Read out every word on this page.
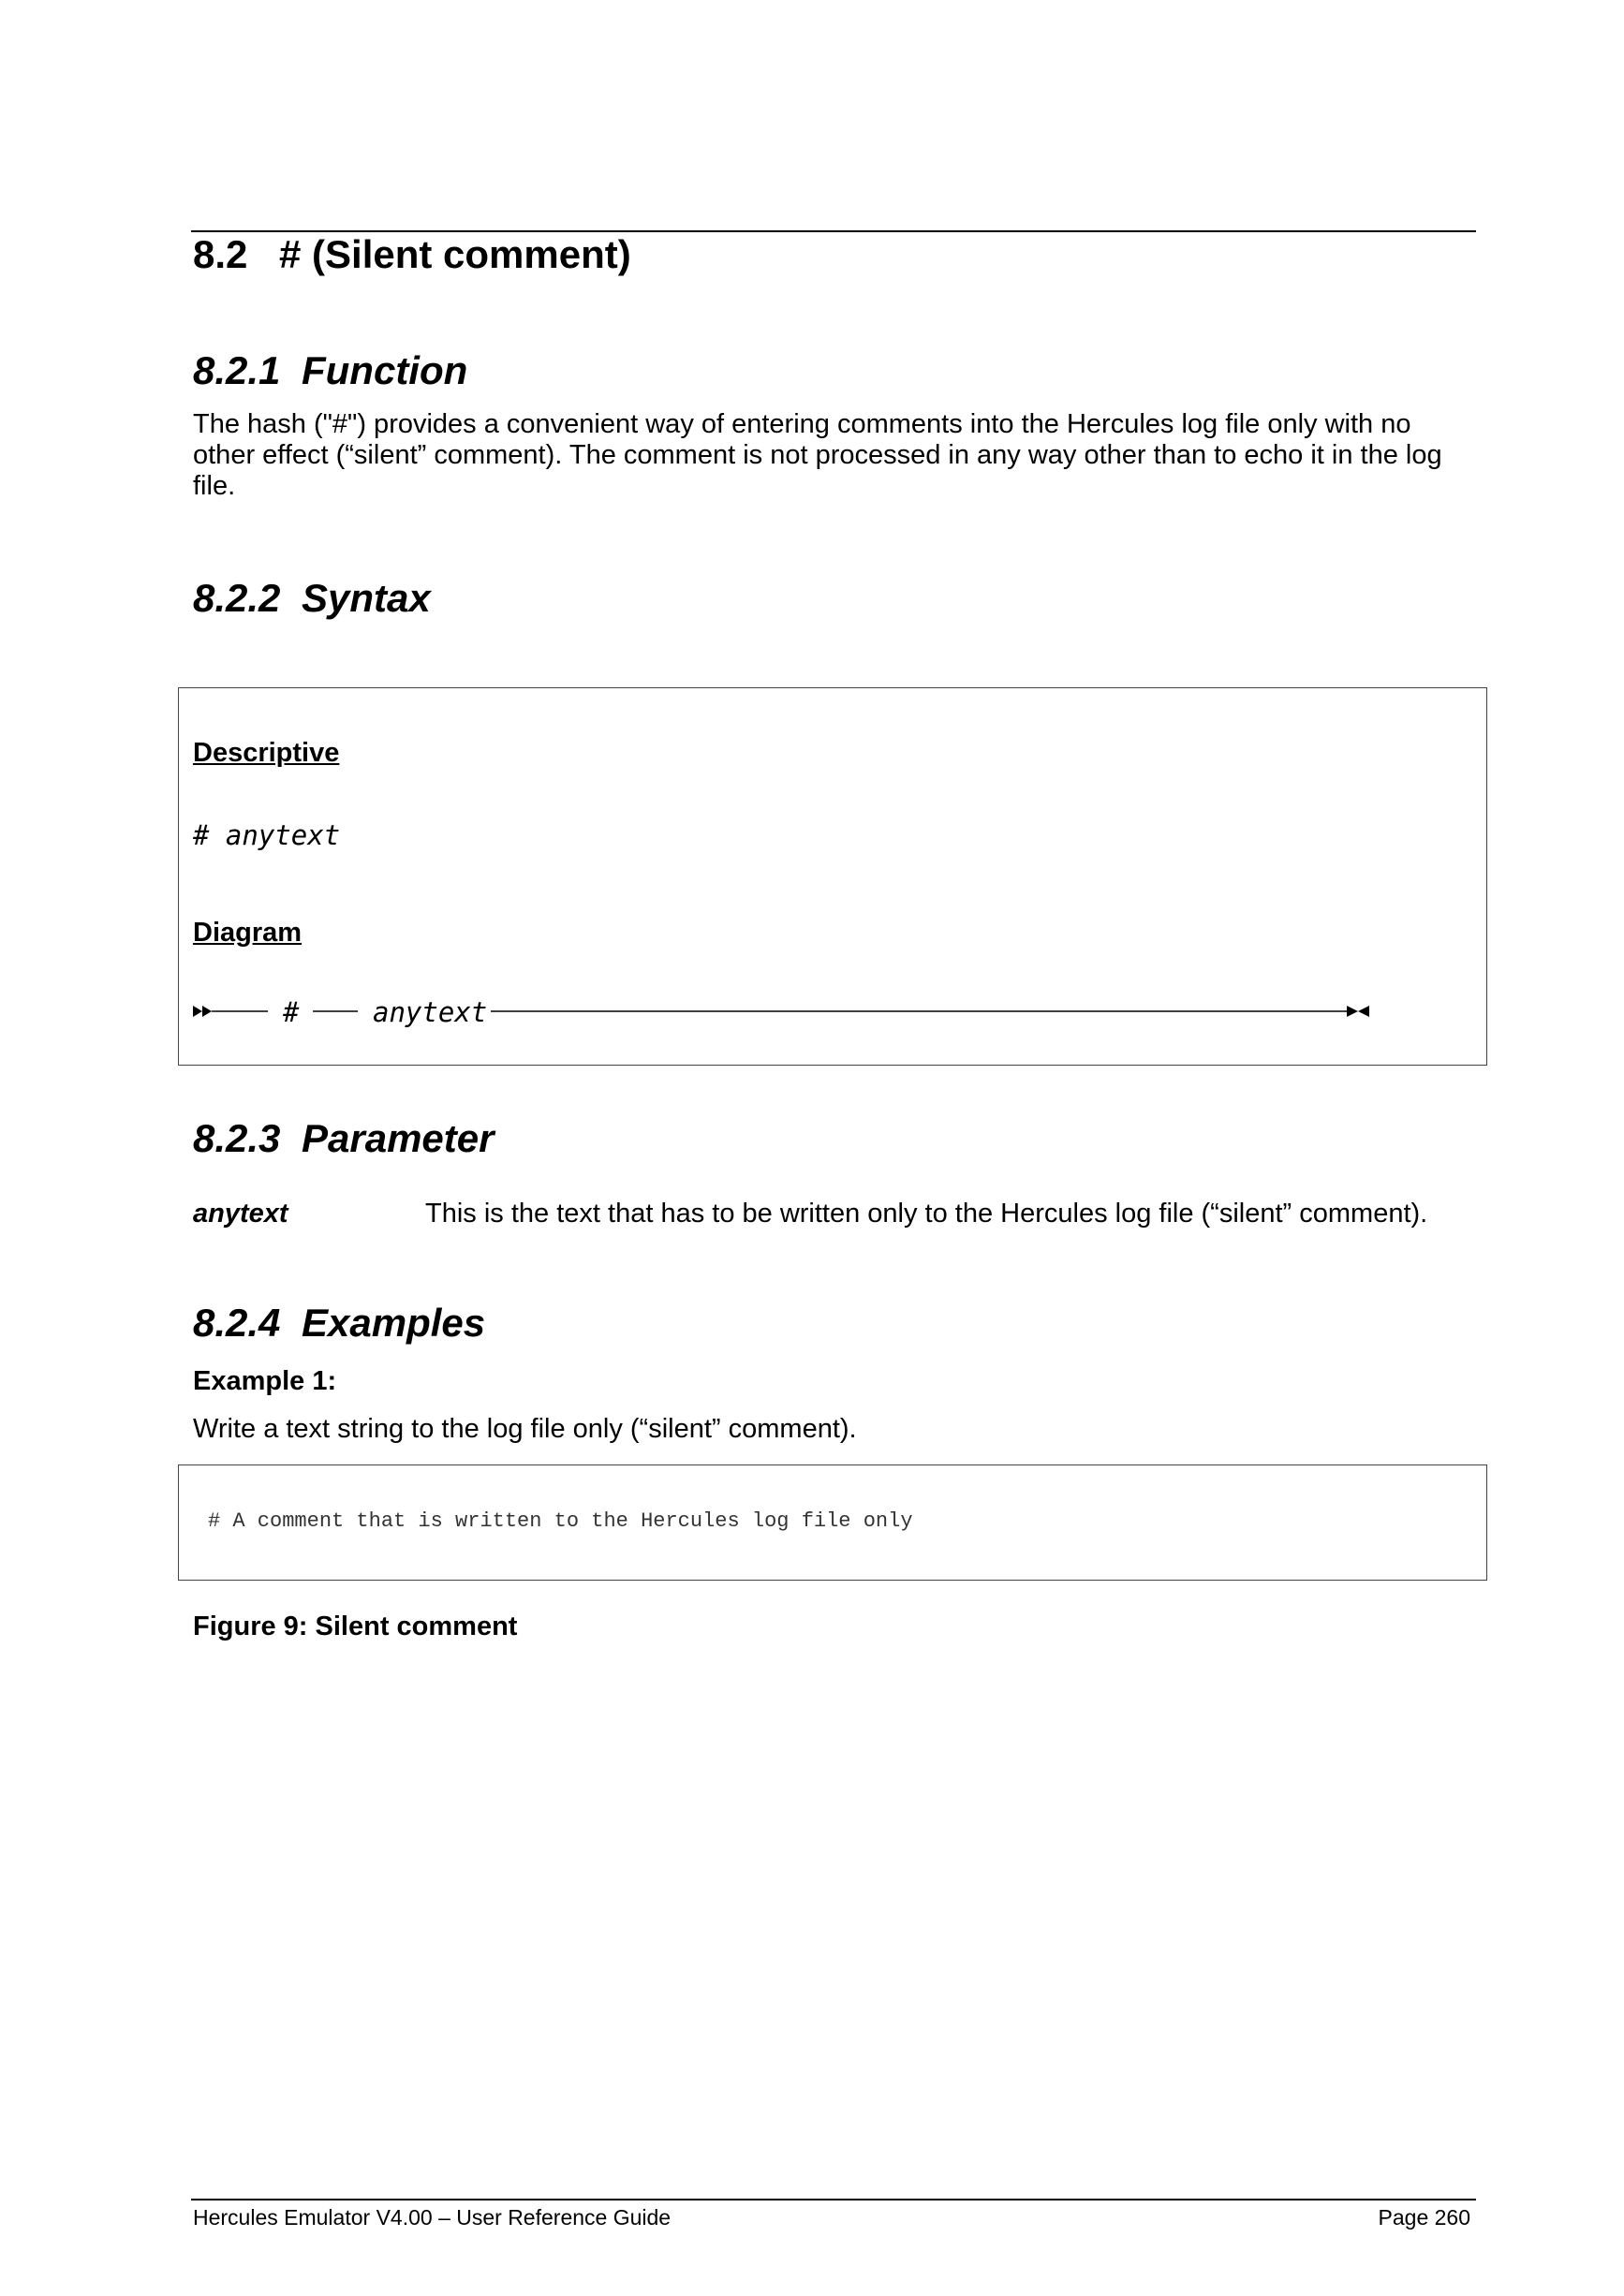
8.2 # (Silent comment)
8.2.1 Function
The hash ("#") provides a convenient way of entering comments into the Hercules log file only with no
other effect (“silent” comment). The comment is not processed in any way other than to echo it in the log
file.
8.2.2 Syntax
Descriptive
# anytext
Diagram
#	anytext
8.2.3 Parameter
anytext	This is the text that has to be written only to the Hercules log file (“silent” comment).
8.2.4 Examples
Example 1:
Write a text string to the log file only (“silent” comment).
# A comment that is written to the Hercules log file only
Figure 9: Silent comment
Hercules Emulator V4.00 – User Reference Guide	Page 260
